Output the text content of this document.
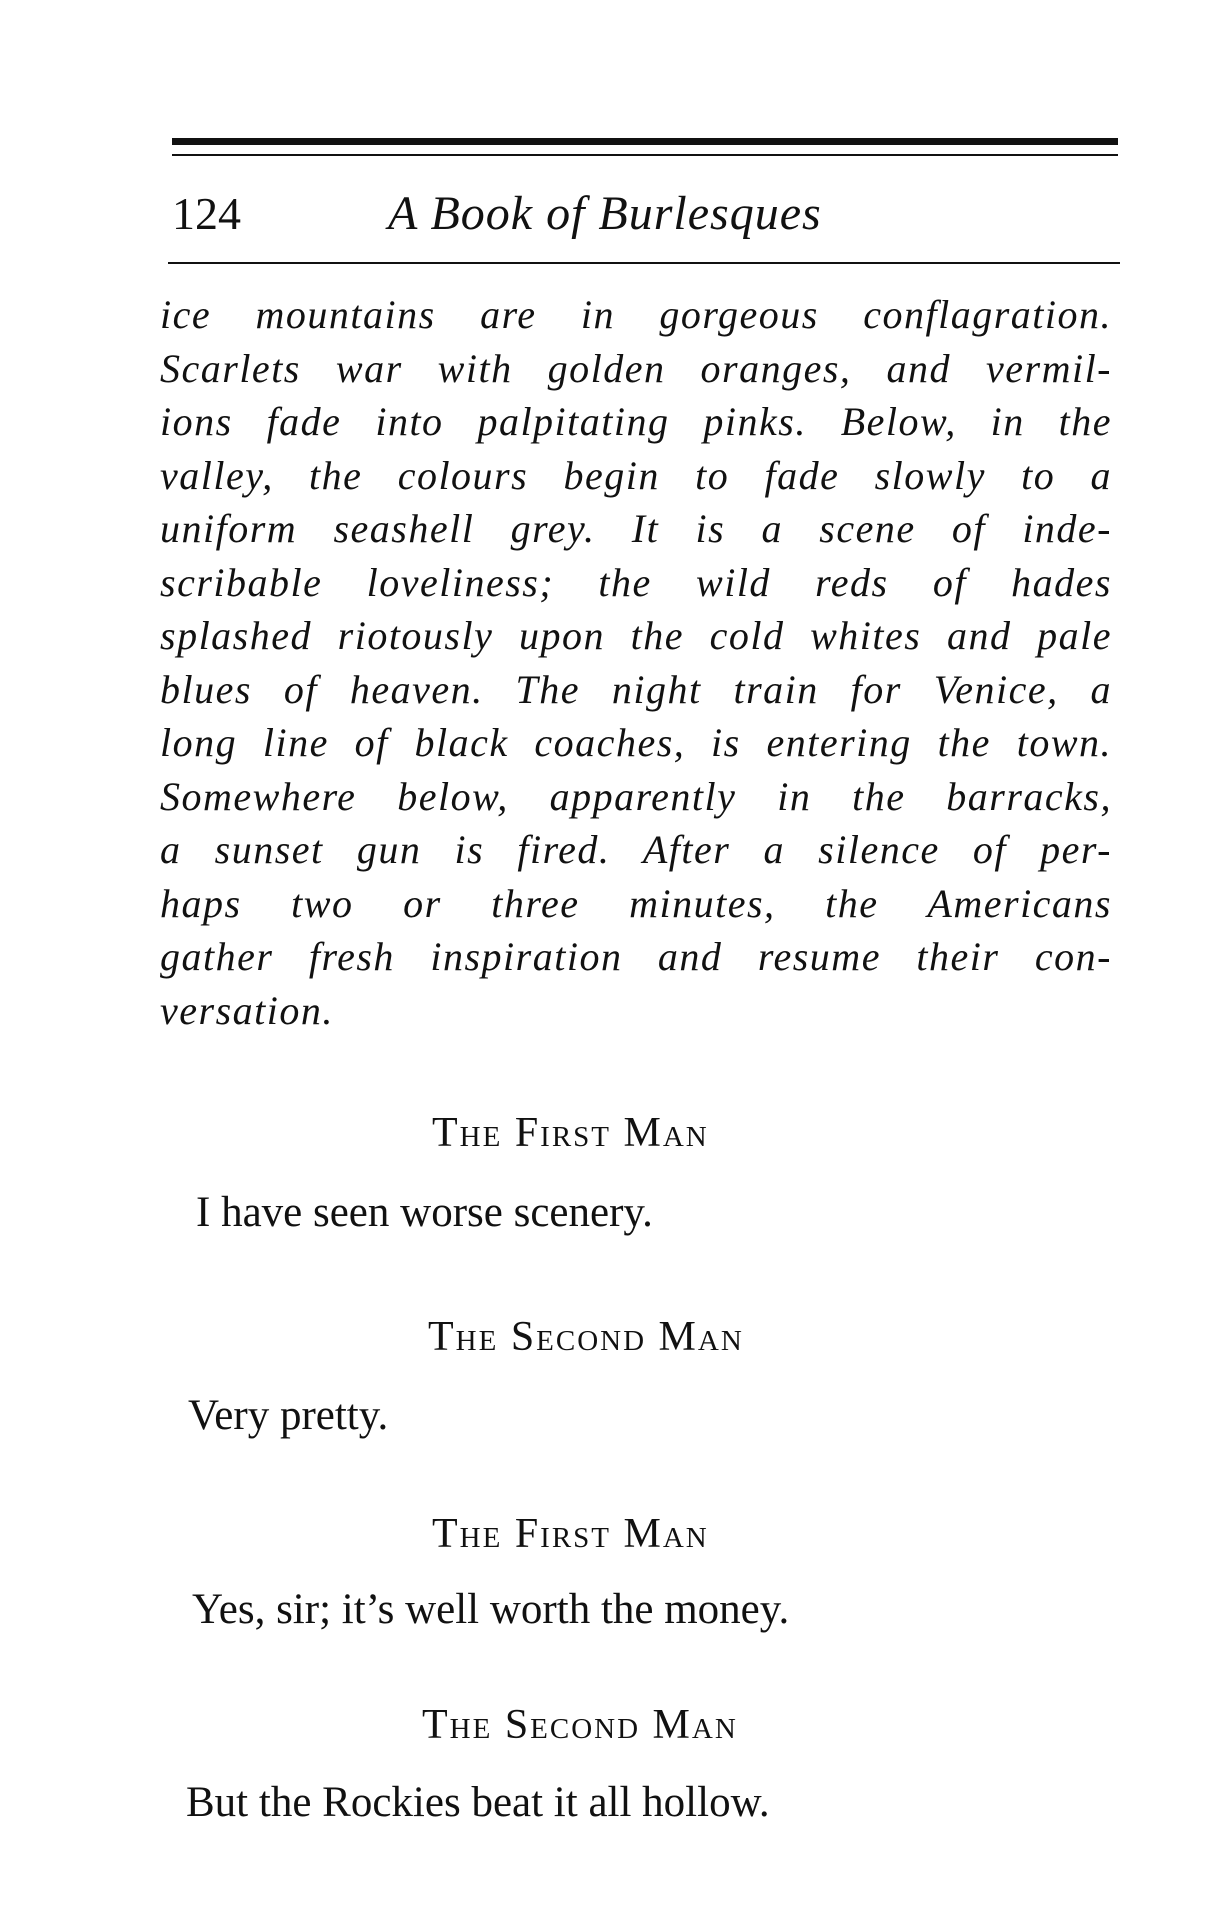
124	A Book of Burlesques
ice mountains are in gorgeous conflagration.
Scarlets war with golden oranges, and vermil-
ions fade into palpitating pinks. Below, in the
valley, the colours begin to fade slowly to a
uniform seashell grey. It is a scene of inde-
scribable loveliness; the wild reds of hades
splashed riotously upon the cold whites and pale
blues of heaven. The night train for Venice, a
long line of black coaches, is entering the town.
Somewhere below, apparently in the barracks,
a sunset gun is fired. After a silence of per-
haps two or three minutes, the Americans
gather fresh inspiration and resume their con-
versation.
The First Man
I have seen worse scenery.
The Second Man
Very pretty.
The First Man
Yes, sir; it’s well worth the money.
The Second Man
But the Rockies beat it all hollow.
